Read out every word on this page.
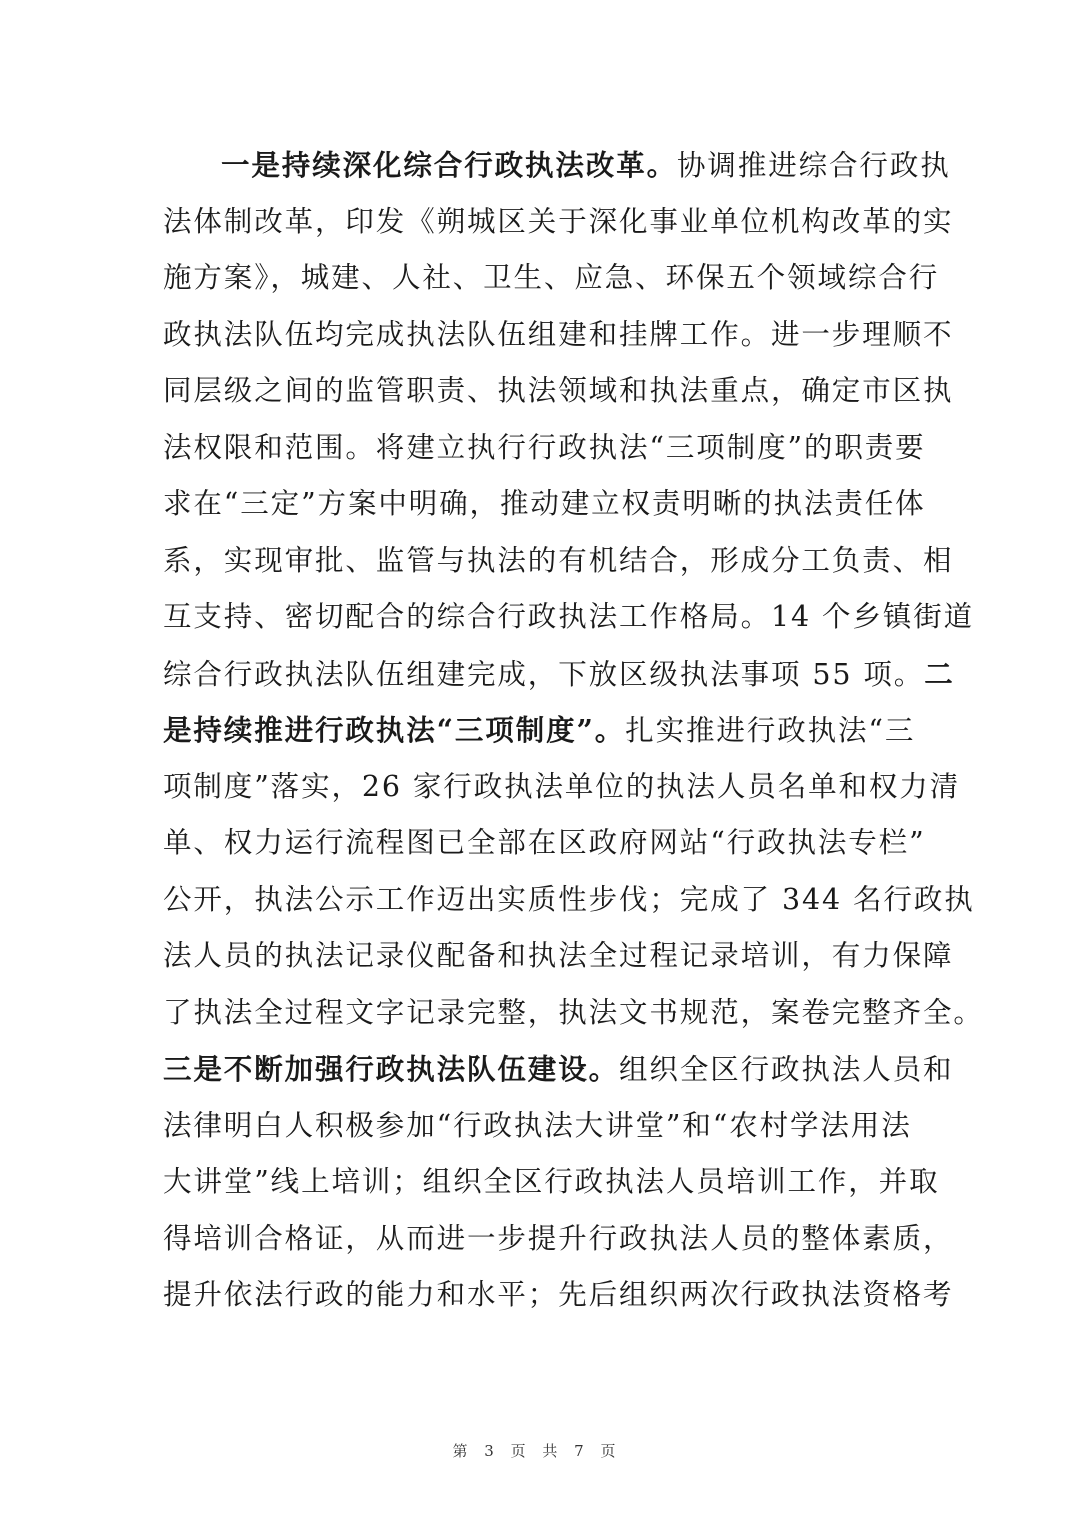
一是持续深化综合行政执法改革。协调推进综合行政执
法体制改革，印发《朔城区关于深化事业单位机构改革的实
施方案》，城建、人社、卫生、应急、环保五个领域综合行
政执法队伍均完成执法队伍组建和挂牌工作。进一步理顺不
同层级之间的监管职责、执法领域和执法重点，确定市区执
法权限和范围。将建立执行行政执法“三项制度”的职责要
求在“三定”方案中明确，推动建立权责明晰的执法责任体
系，实现审批、监管与执法的有机结合，形成分工负责、相
互支持、密切配合的综合行政执法工作格局。14 个乡镇街道
综合行政执法队伍组建完成，下放区级执法事项 55 项。二
是持续推进行政执法“三项制度”。扎实推进行政执法“三
项制度”落实，26 家行政执法单位的执法人员名单和权力清
单、权力运行流程图已全部在区政府网站“行政执法专栏”
公开，执法公示工作迈出实质性步伐；完成了 344 名行政执
法人员的执法记录仪配备和执法全过程记录培训，有力保障
了执法全过程文字记录完整，执法文书规范，案卷完整齐全。
三是不断加强行政执法队伍建设。组织全区行政执法人员和
法律明白人积极参加“行政执法大讲堂”和“农村学法用法
大讲堂”线上培训；组织全区行政执法人员培训工作，并取
得培训合格证，从而进一步提升行政执法人员的整体素质，
提升依法行政的能力和水平；先后组织两次行政执法资格考
第 3 页 共 7 页
